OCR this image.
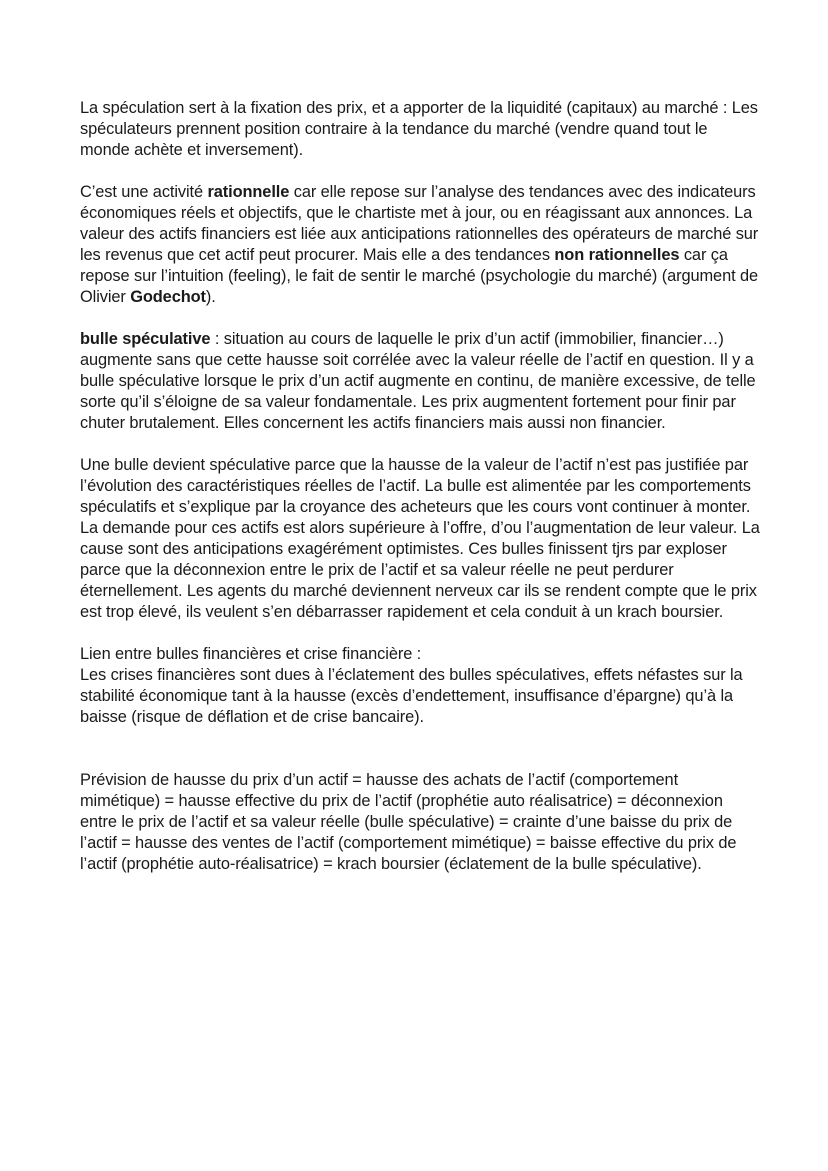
La spéculation sert à la fixation des prix, et a apporter de la liquidité (capitaux) au marché : Les spéculateurs prennent position contraire à la tendance du marché (vendre quand tout le monde achète et inversement).

C’est une activité rationnelle car elle repose sur l’analyse des tendances avec des indicateurs économiques réels et objectifs, que le chartiste met à jour, ou en réagissant aux annonces. La valeur des actifs financiers est liée aux anticipations rationnelles des opérateurs de marché sur les revenus que cet actif peut procurer. Mais elle a des tendances non rationnelles car ça repose sur l’intuition (feeling), le fait de sentir le marché (psychologie du marché) (argument de Olivier Godechot).

bulle spéculative : situation au cours de laquelle le prix d’un actif (immobilier, financier…) augmente sans que cette hausse soit corrélée avec la valeur réelle de l’actif en question. Il y a bulle spéculative lorsque le prix d’un actif augmente en continu, de manière excessive, de telle sorte qu’il s’éloigne de sa valeur fondamentale. Les prix augmentent fortement pour finir par chuter brutalement. Elles concernent les actifs financiers mais aussi non financier.

Une bulle devient spéculative parce que la hausse de la valeur de l’actif n’est pas justifiée par l’évolution des caractéristiques réelles de l’actif. La bulle est alimentée par les comportements spéculatifs et s’explique par la croyance des acheteurs que les cours vont continuer à monter. La demande pour ces actifs est alors supérieure à l’offre, d’ou l’augmentation de leur valeur. La cause sont des anticipations exagérément optimistes. Ces bulles finissent tjrs par exploser parce que la déconnexion entre le prix de l’actif et sa valeur réelle ne peut perdurer éternellement. Les agents du marché deviennent nerveux car ils se rendent compte que le prix est trop élevé, ils veulent s’en débarrasser rapidement et cela conduit à un krach boursier.

Lien entre bulles financières et crise financière :

Les crises financières sont dues à l’éclatement des bulles spéculatives, effets néfastes sur la stabilité économique tant à la hausse (excès d’endettement, insuffisance d’épargne) qu’à la baisse (risque de déflation et de crise bancaire).

Prévision de hausse du prix d’un actif = hausse des achats de l’actif (comportement mimétique) = hausse effective du prix de l’actif (prophétie auto réalisatrice) = déconnexion entre le prix de l’actif et sa valeur réelle (bulle spéculative) = crainte d’une baisse du prix de l’actif = hausse des ventes de l’actif (comportement mimétique) = baisse effective du prix de l’actif (prophétie auto-réalisatrice) = krach boursier (éclatement de la bulle spéculative).
